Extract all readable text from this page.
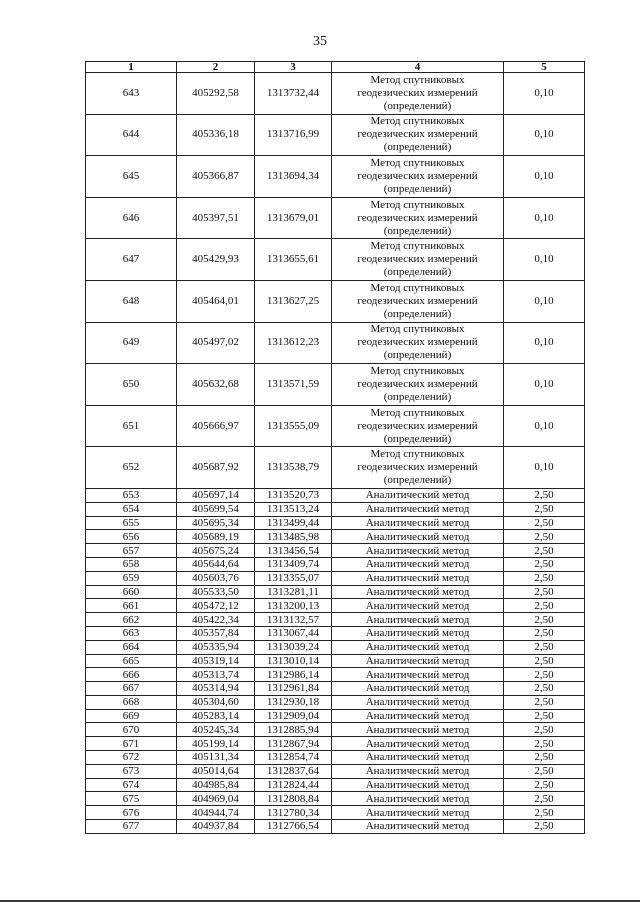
35
1	2	3	4	5
643	405292,58	1313732,44	Метод спутниковых геодезических измерений (определений)	0,10
644	405336,18	1313716,99	Метод спутниковых геодезических измерений (определений)	0,10
645	405366,87	1313694,34	Метод спутниковых геодезических измерений (определений)	0,10
646	405397,51	1313679,01	Метод спутниковых геодезических измерений (определений)	0,10
647	405429,93	1313655,61	Метод спутниковых геодезических измерений (определений)	0,10
648	405464,01	1313627,25	Метод спутниковых геодезических измерений (определений)	0,10
649	405497,02	1313612,23	Метод спутниковых геодезических измерений (определений)	0,10
650	405632,68	1313571,59	Метод спутниковых геодезических измерений (определений)	0,10
651	405666,97	1313555,09	Метод спутниковых геодезических измерений (определений)	0,10
652	405687,92	1313538,79	Метод спутниковых геодезических измерений (определений)	0,10
653	405697,14	1313520,73	Аналитический метод	2,50
654	405699,54	1313513,24	Аналитический метод	2,50
655	405695,34	1313499,44	Аналитический метод	2,50
656	405689,19	1313485,98	Аналитический метод	2,50
657	405675,24	1313456,54	Аналитический метод	2,50
658	405644,64	1313409,74	Аналитический метод	2,50
659	405603,76	1313355,07	Аналитический метод	2,50
660	405533,50	1313281,11	Аналитический метод	2,50
661	405472,12	1313200,13	Аналитический метод	2,50
662	405422,34	1313132,57	Аналитический метод	2,50
663	405357,84	1313067,44	Аналитический метод	2,50
664	405335,94	1313039,24	Аналитический метод	2,50
665	405319,14	1313010,14	Аналитический метод	2,50
666	405313,74	1312986,14	Аналитический метод	2,50
667	405314,94	1312961,84	Аналитический метод	2,50
668	405304,60	1312930,18	Аналитический метод	2,50
669	405283,14	1312909,04	Аналитический метод	2,50
670	405245,34	1312885,94	Аналитический метод	2,50
671	405199,14	1312867,94	Аналитический метод	2,50
672	405131,34	1312854,74	Аналитический метод	2,50
673	405014,64	1312837,64	Аналитический метод	2,50
674	404985,84	1312824,44	Аналитический метод	2,50
675	404969,04	1312808,84	Аналитический метод	2,50
676	404944,74	1312780,34	Аналитический метод	2,50
677	404937,84	1312766,54	Аналитический метод	2,50
